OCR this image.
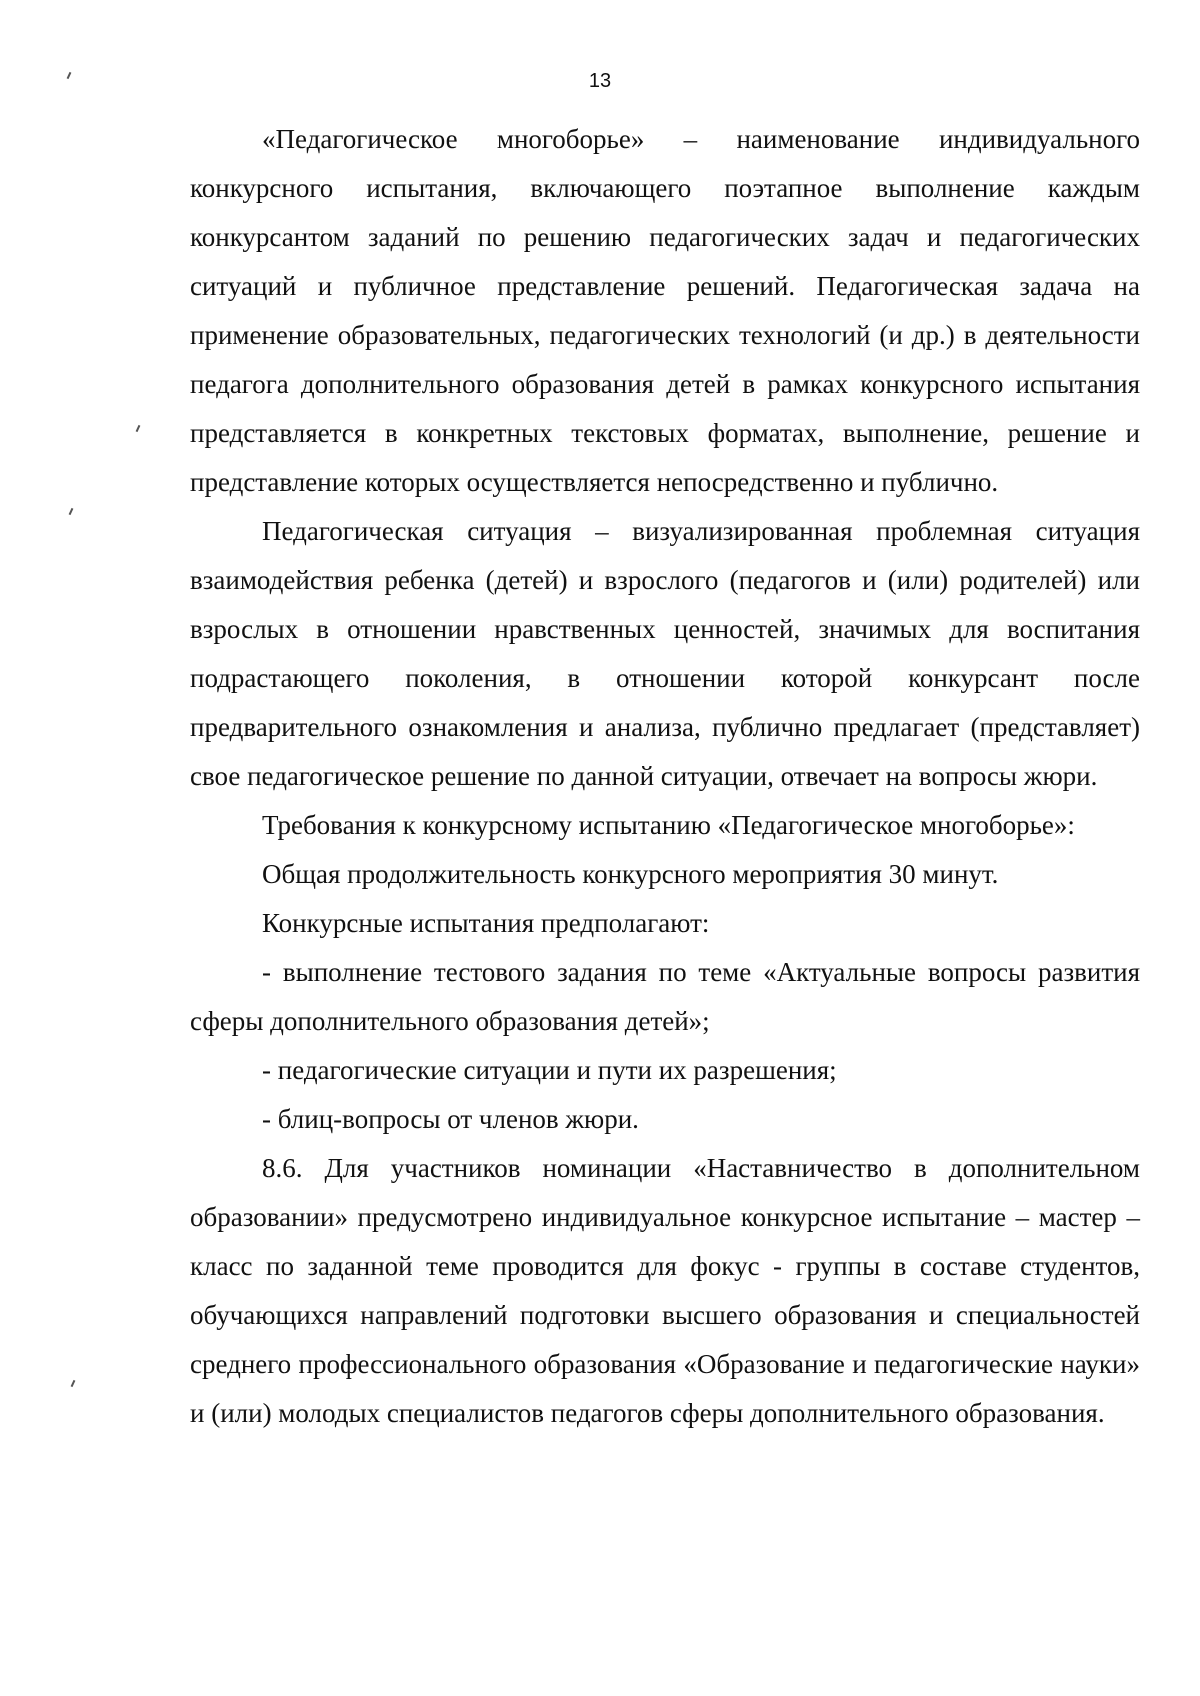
13

«Педагогическое многоборье» – наименование индивидуального конкурсного испытания, включающего поэтапное выполнение каждым конкурсантом заданий по решению педагогических задач и педагогических ситуаций и публичное представление решений. Педагогическая задача на применение образовательных, педагогических технологий (и др.) в деятельности педагога дополнительного образования детей в рамках конкурсного испытания представляется в конкретных текстовых форматах, выполнение, решение и представление которых осуществляется непосредственно и публично.

Педагогическая ситуация – визуализированная проблемная ситуация взаимодействия ребенка (детей) и взрослого (педагогов и (или) родителей) или взрослых в отношении нравственных ценностей, значимых для воспитания подрастающего поколения, в отношении которой конкурсант после предварительного ознакомления и анализа, публично предлагает (представляет) свое педагогическое решение по данной ситуации, отвечает на вопросы жюри.

Требования к конкурсному испытанию «Педагогическое многоборье»:

Общая продолжительность конкурсного мероприятия 30 минут.

Конкурсные испытания предполагают:

- выполнение тестового задания по теме «Актуальные вопросы развития сферы дополнительного образования детей»;

- педагогические ситуации и пути их разрешения;

- блиц-вопросы от членов жюри.

8.6. Для участников номинации «Наставничество в дополнительном образовании» предусмотрено индивидуальное конкурсное испытание – мастер – класс по заданной теме проводится для фокус - группы в составе студентов, обучающихся направлений подготовки высшего образования и специальностей среднего профессионального образования «Образование и педагогические науки» и (или) молодых специалистов педагогов сферы дополнительного образования.
